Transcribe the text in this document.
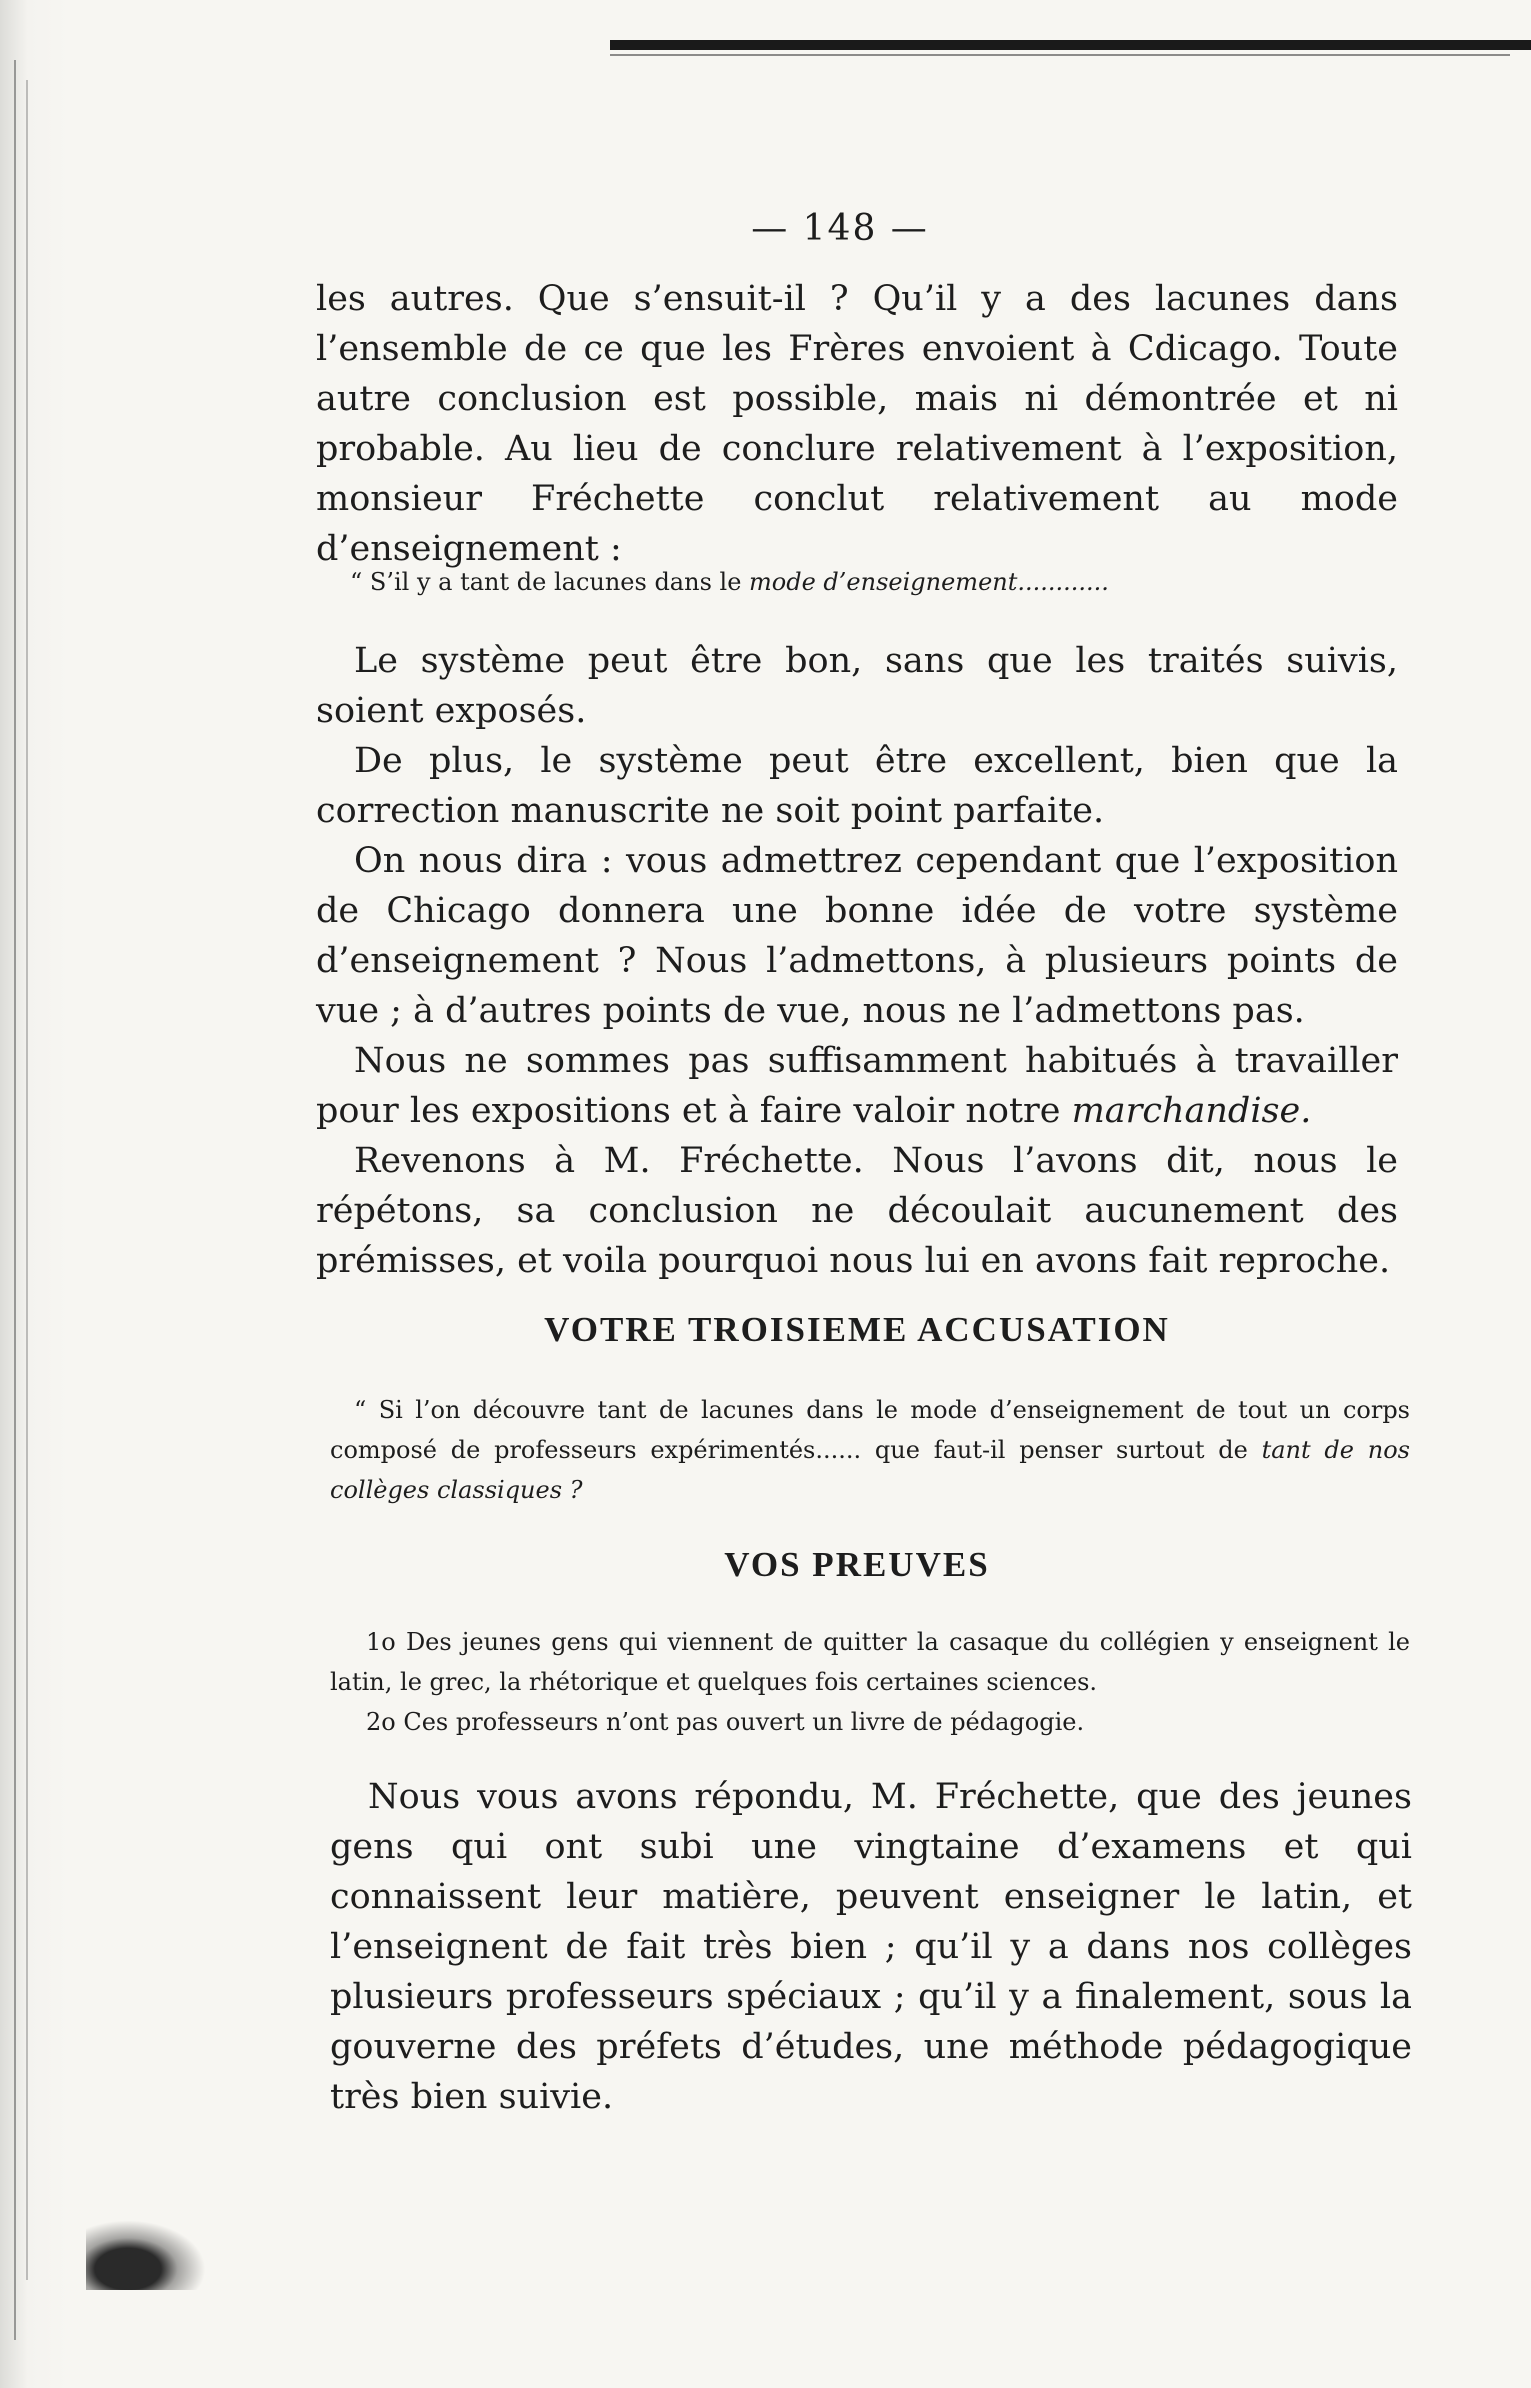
— 148 —

les autres. Que s’ensuit-il ? Qu’il y a des lacunes dans l’ensemble de ce que les Frères envoient à Cdicago. Toute autre conclusion est possible, mais ni démontrée et ni probable. Au lieu de conclure relativement à l’exposition, monsieur Fréchette conclut relativement au mode d’enseignement :

“ S’il y a tant de lacunes dans le mode d’enseignement............

Le système peut être bon, sans que les traités suivis, soient exposés.

De plus, le système peut être excellent, bien que la correction manuscrite ne soit point parfaite.

On nous dira : vous admettrez cependant que l’exposition de Chicago donnera une bonne idée de votre système d’enseignement ? Nous l’admettons, à plusieurs points de vue ; à d’autres points de vue, nous ne l’admettons pas.

Nous ne sommes pas suffisamment habitués à travailler pour les expositions et à faire valoir notre marchandise.

Revenons à M. Fréchette. Nous l’avons dit, nous le répétons, sa conclusion ne découlait aucunement des prémisses, et voila pourquoi nous lui en avons fait reproche.

VOTRE TROISIEME ACCUSATION

“ Si l’on découvre tant de lacunes dans le mode d’enseignement de tout un corps composé de professeurs expérimentés...... que faut-il penser surtout de tant de nos collèges classiques ?

VOS PREUVES

1o Des jeunes gens qui viennent de quitter la casaque du collégien y enseignent le latin, le grec, la rhétorique et quelques fois certaines sciences.

2o Ces professeurs n’ont pas ouvert un livre de pédagogie.

Nous vous avons répondu, M. Fréchette, que des jeunes gens qui ont subi une vingtaine d’examens et qui connaissent leur matière, peuvent enseigner le latin, et l’enseignent de fait très bien ; qu’il y a dans nos collèges plusieurs professeurs spéciaux ; qu’il y a finalement, sous la gouverne des préfets d’études, une méthode pédagogique très bien suivie.
